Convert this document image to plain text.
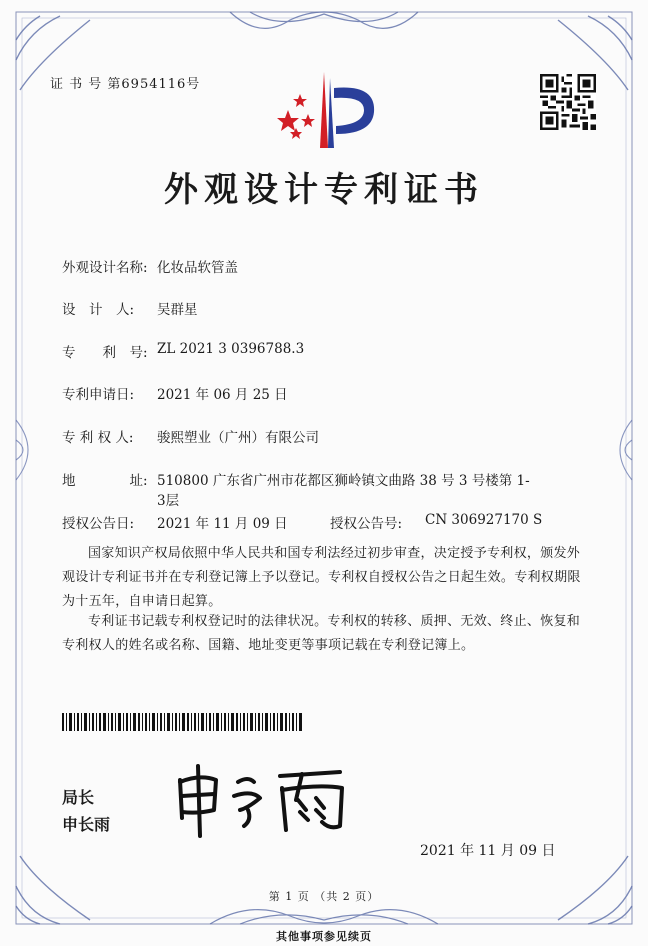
证 书 号 第6954116号
外观设计专利证书
外观设计名称: 化妆品软管盖
设　计　人: 吴群星
专　　利　号: ZL 2021 3 0396788.3
专利申请日: 2021 年 06 月 25 日
专 利 权 人: 骏熙塑业（广州）有限公司
地　　　　址: 510800 广东省广州市花都区狮岭镇文曲路 38 号 3 号楼第 1-
3层
授权公告日: 2021 年 11 月 09 日	授权公告号: CN 306927170 S
国家知识产权局依照中华人民共和国专利法经过初步审查，决定授予专利权，颁发外观设计专利证书并在专利登记簿上予以登记。专利权自授权公告之日起生效。专利权期限为十五年，自申请日起算。
专利证书记载专利权登记时的法律状况。专利权的转移、质押、无效、终止、恢复和专利权人的姓名或名称、国籍、地址变更等事项记载在专利登记簿上。
局长
申长雨
2021 年 11 月 09 日
第 1 页 （共 2 页）
其他事项参见续页
